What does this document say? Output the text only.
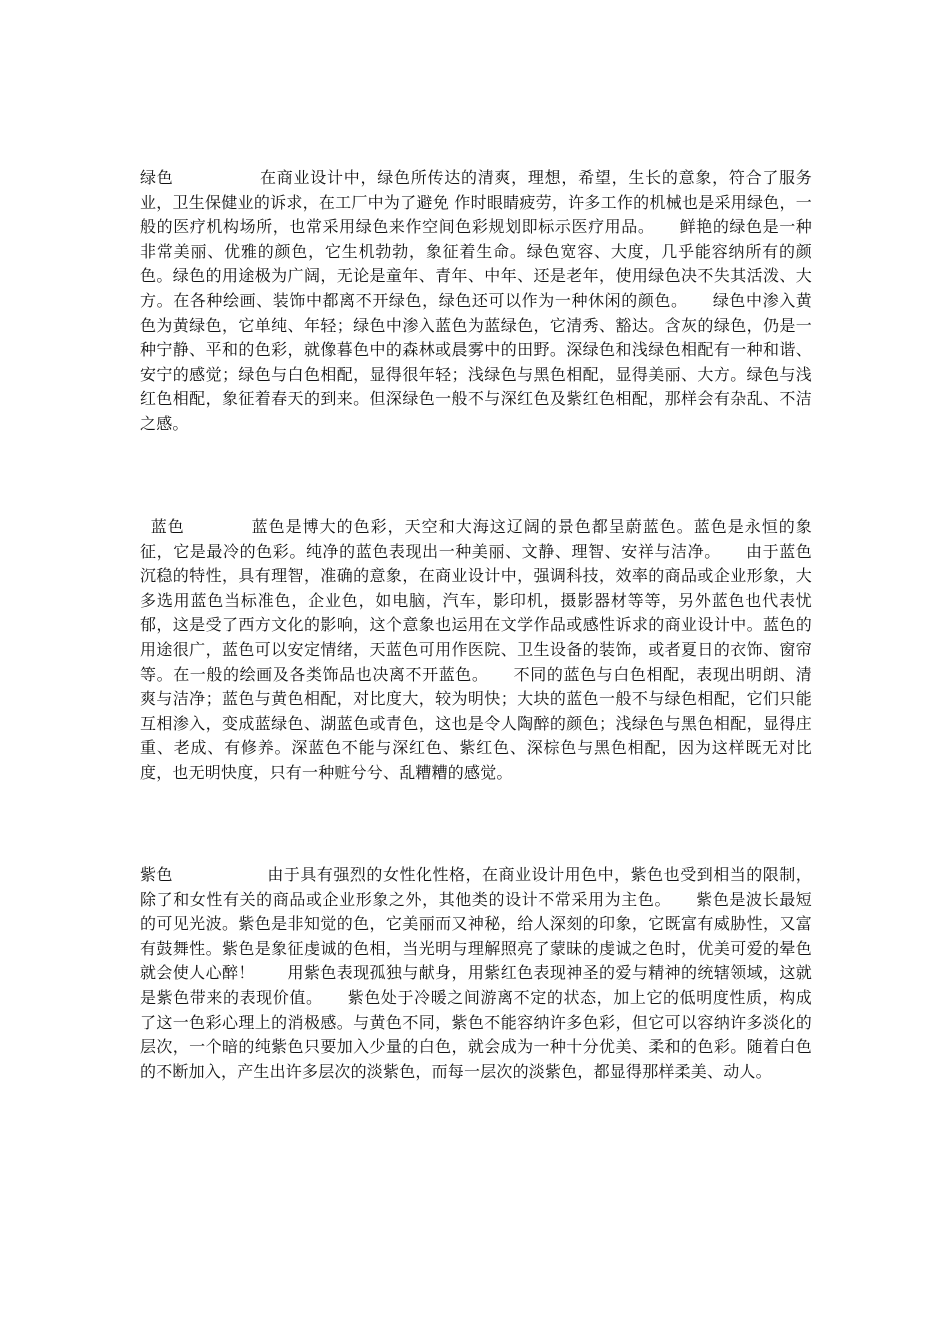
绿色	在商业设计中，绿色所传达的清爽，理想，希望，生长的意象，符合了服务业，卫生保健业的诉求，在工厂中为了避免 作时眼睛疲劳，许多工作的机械也是采用绿色，一般的医疗机构场所，也常采用绿色来作空间色彩规划即标示医疗用品。　　鲜艳的绿色是一种非常美丽、优雅的颜色，它生机勃勃，象征着生命。绿色宽容、大度，几乎能容纳所有的颜色。绿色的用途极为广阔，无论是童年、青年、中年、还是老年，使用绿色决不失其活泼、大方。在各种绘画、装饰中都离不开绿色，绿色还可以作为一种休闲的颜色。　　绿色中渗入黄色为黄绿色，它单纯、年轻；绿色中渗入蓝色为蓝绿色，它清秀、豁达。含灰的绿色，仍是一种宁静、平和的色彩，就像暮色中的森林或晨雾中的田野。深绿色和浅绿色相配有一种和谐、安宁的感觉；绿色与白色相配，显得很年轻；浅绿色与黑色相配，显得美丽、大方。绿色与浅红色相配，象征着春天的到来。但深绿色一般不与深红色及紫红色相配，那样会有杂乱、不洁之感。

蓝色	蓝色是博大的色彩，天空和大海这辽阔的景色都呈蔚蓝色。蓝色是永恒的象征，它是最冷的色彩。纯净的蓝色表现出一种美丽、文静、理智、安祥与洁净。　　由于蓝色沉稳的特性，具有理智，准确的意象，在商业设计中，强调科技，效率的商品或企业形象，大多选用蓝色当标准色，企业色，如电脑，汽车，影印机，摄影器材等等，另外蓝色也代表忧郁，这是受了西方文化的影响，这个意象也运用在文学作品或感性诉求的商业设计中。蓝色的用途很广，蓝色可以安定情绪，天蓝色可用作医院、卫生设备的装饰，或者夏日的衣饰、窗帘等。在一般的绘画及各类饰品也决离不开蓝色。　　不同的蓝色与白色相配，表现出明朗、清爽与洁净；蓝色与黄色相配，对比度大，较为明快；大块的蓝色一般不与绿色相配，它们只能互相渗入，变成蓝绿色、湖蓝色或青色，这也是令人陶醉的颜色；浅绿色与黑色相配，显得庄重、老成、有修养。深蓝色不能与深红色、紫红色、深棕色与黑色相配，因为这样既无对比度，也无明快度，只有一种赃兮兮、乱糟糟的感觉。

紫色	由于具有强烈的女性化性格，在商业设计用色中，紫色也受到相当的限制，除了和女性有关的商品或企业形象之外，其他类的设计不常采用为主色。　　紫色是波长最短的可见光波。紫色是非知觉的色，它美丽而又神秘，给人深刻的印象，它既富有威胁性，又富有鼓舞性。紫色是象征虔诚的色相，当光明与理解照亮了蒙昧的虔诚之色时，优美可爱的晕色就会使人心醉！　　用紫色表现孤独与献身，用紫红色表现神圣的爱与精神的统辖领域，这就是紫色带来的表现价值。　　紫色处于冷暖之间游离不定的状态，加上它的低明度性质，构成了这一色彩心理上的消极感。与黄色不同，紫色不能容纳许多色彩，但它可以容纳许多淡化的层次，一个暗的纯紫色只要加入少量的白色，就会成为一种十分优美、柔和的色彩。随着白色的不断加入，产生出许多层次的淡紫色，而每一层次的淡紫色，都显得那样柔美、动人。
